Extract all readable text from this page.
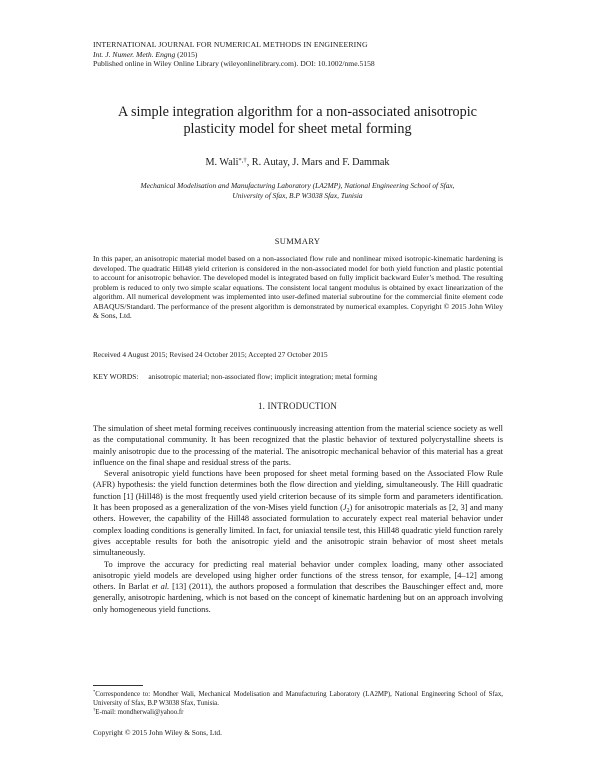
INTERNATIONAL JOURNAL FOR NUMERICAL METHODS IN ENGINEERING
Int. J. Numer. Meth. Engng (2015)
Published online in Wiley Online Library (wileyonlinelibrary.com). DOI: 10.1002/nme.5158
A simple integration algorithm for a non-associated anisotropic
plasticity model for sheet metal forming
M. Wali*,†, R. Autay, J. Mars and F. Dammak
Mechanical Modelisation and Manufacturing Laboratory (LA2MP), National Engineering School of Sfax,
University of Sfax, B.P W3038 Sfax, Tunisia
SUMMARY
In this paper, an anisotropic material model based on a non-associated flow rule and nonlinear mixed isotropic-kinematic hardening is developed. The quadratic Hill48 yield criterion is considered in the non-associated model for both yield function and plastic potential to account for anisotropic behavior. The developed model is integrated based on fully implicit backward Euler’s method. The resulting problem is reduced to only two simple scalar equations. The consistent local tangent modulus is obtained by exact linearization of the algorithm. All numerical development was implemented into user-defined material subroutine for the commercial finite element code ABAQUS/Standard. The performance of the present algorithm is demonstrated by numerical examples. Copyright © 2015 John Wiley & Sons, Ltd.
Received 4 August 2015; Revised 24 October 2015; Accepted 27 October 2015
KEY WORDS: anisotropic material; non-associated flow; implicit integration; metal forming
1. INTRODUCTION

The simulation of sheet metal forming receives continuously increasing attention from the material science society as well as the computational community. It has been recognized that the plastic behavior of textured polycrystalline sheets is mainly anisotropic due to the processing of the material. The anisotropic mechanical behavior of this material has a great influence on the final shape and residual stress of the parts.

Several anisotropic yield functions have been proposed for sheet metal forming based on the Associated Flow Rule (AFR) hypothesis: the yield function determines both the flow direction and yielding, simultaneously. The Hill quadratic function [1] (Hill48) is the most frequently used yield criterion because of its simple form and parameters identification. It has been proposed as a generalization of the von-Mises yield function $(J_2)$ for anisotropic materials as [2, 3] and many others. However, the capability of the Hill48 associated formulation to accurately expect real material behavior under complex loading conditions is generally limited. In fact, for uniaxial tensile test, this Hill48 quadratic yield function rarely gives acceptable results for both the anisotropic yield and the anisotropic strain behavior of most sheet metals simultaneously.

To improve the accuracy for predicting real material behavior under complex loading, many other associated anisotropic yield models are developed using higher order functions of the stress tensor, for example, [4–12] among others. In Barlat et al. [13] (2011), the authors proposed a formulation that describes the Bauschinger effect and, more generally, anisotropic hardening, which is not based on the concept of kinematic hardening but on an approach involving only homogeneous yield functions.

*Correspondence to: Mondher Wali, Mechanical Modelisation and Manufacturing Laboratory (LA2MP), National Engineering School of Sfax, University of Sfax, B.P W3038 Sfax, Tunisia.
†E-mail: mondherwali@yahoo.fr
Copyright © 2015 John Wiley & Sons, Ltd.
